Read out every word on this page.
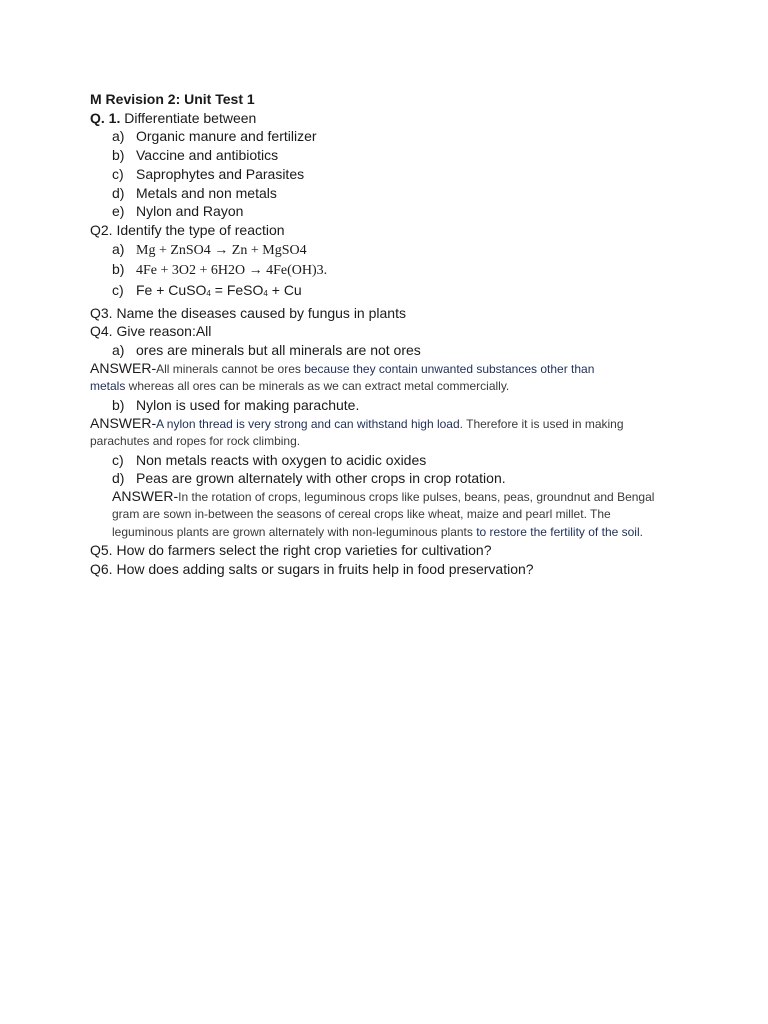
M Revision 2: Unit Test 1
Q. 1. Differentiate between
a) Organic manure and fertilizer
b) Vaccine and antibiotics
c) Saprophytes and Parasites
d) Metals and non metals
e) Nylon and Rayon
Q2. Identify the type of reaction
a) Mg + ZnSO4 → Zn + MgSO4
b) 4Fe + 3O2 + 6H2O → 4Fe(OH)3.
c) Fe + CuSO$_4$ = FeSO$_4$ + Cu
Q3. Name the diseases caused by fungus in plants
Q4. Give reason:All
a) ores are minerals but all minerals are not ores
ANSWER-All minerals cannot be ores because they contain unwanted substances other than
metals whereas all ores can be minerals as we can extract metal commercially.
b) Nylon is used for making parachute.
ANSWER-A nylon thread is very strong and can withstand high load. Therefore it is used in making
parachutes and ropes for rock climbing.
c) Non metals reacts with oxygen to acidic oxides
d) Peas are grown alternately with other crops in crop rotation.
ANSWER-In the rotation of crops, leguminous crops like pulses, beans, peas, groundnut and Bengal
gram are sown in-between the seasons of cereal crops like wheat, maize and pearl millet. The
leguminous plants are grown alternately with non-leguminous plants to restore the fertility of the soil.
Q5. How do farmers select the right crop varieties for cultivation?
Q6. How does adding salts or sugars in fruits help in food preservation?
